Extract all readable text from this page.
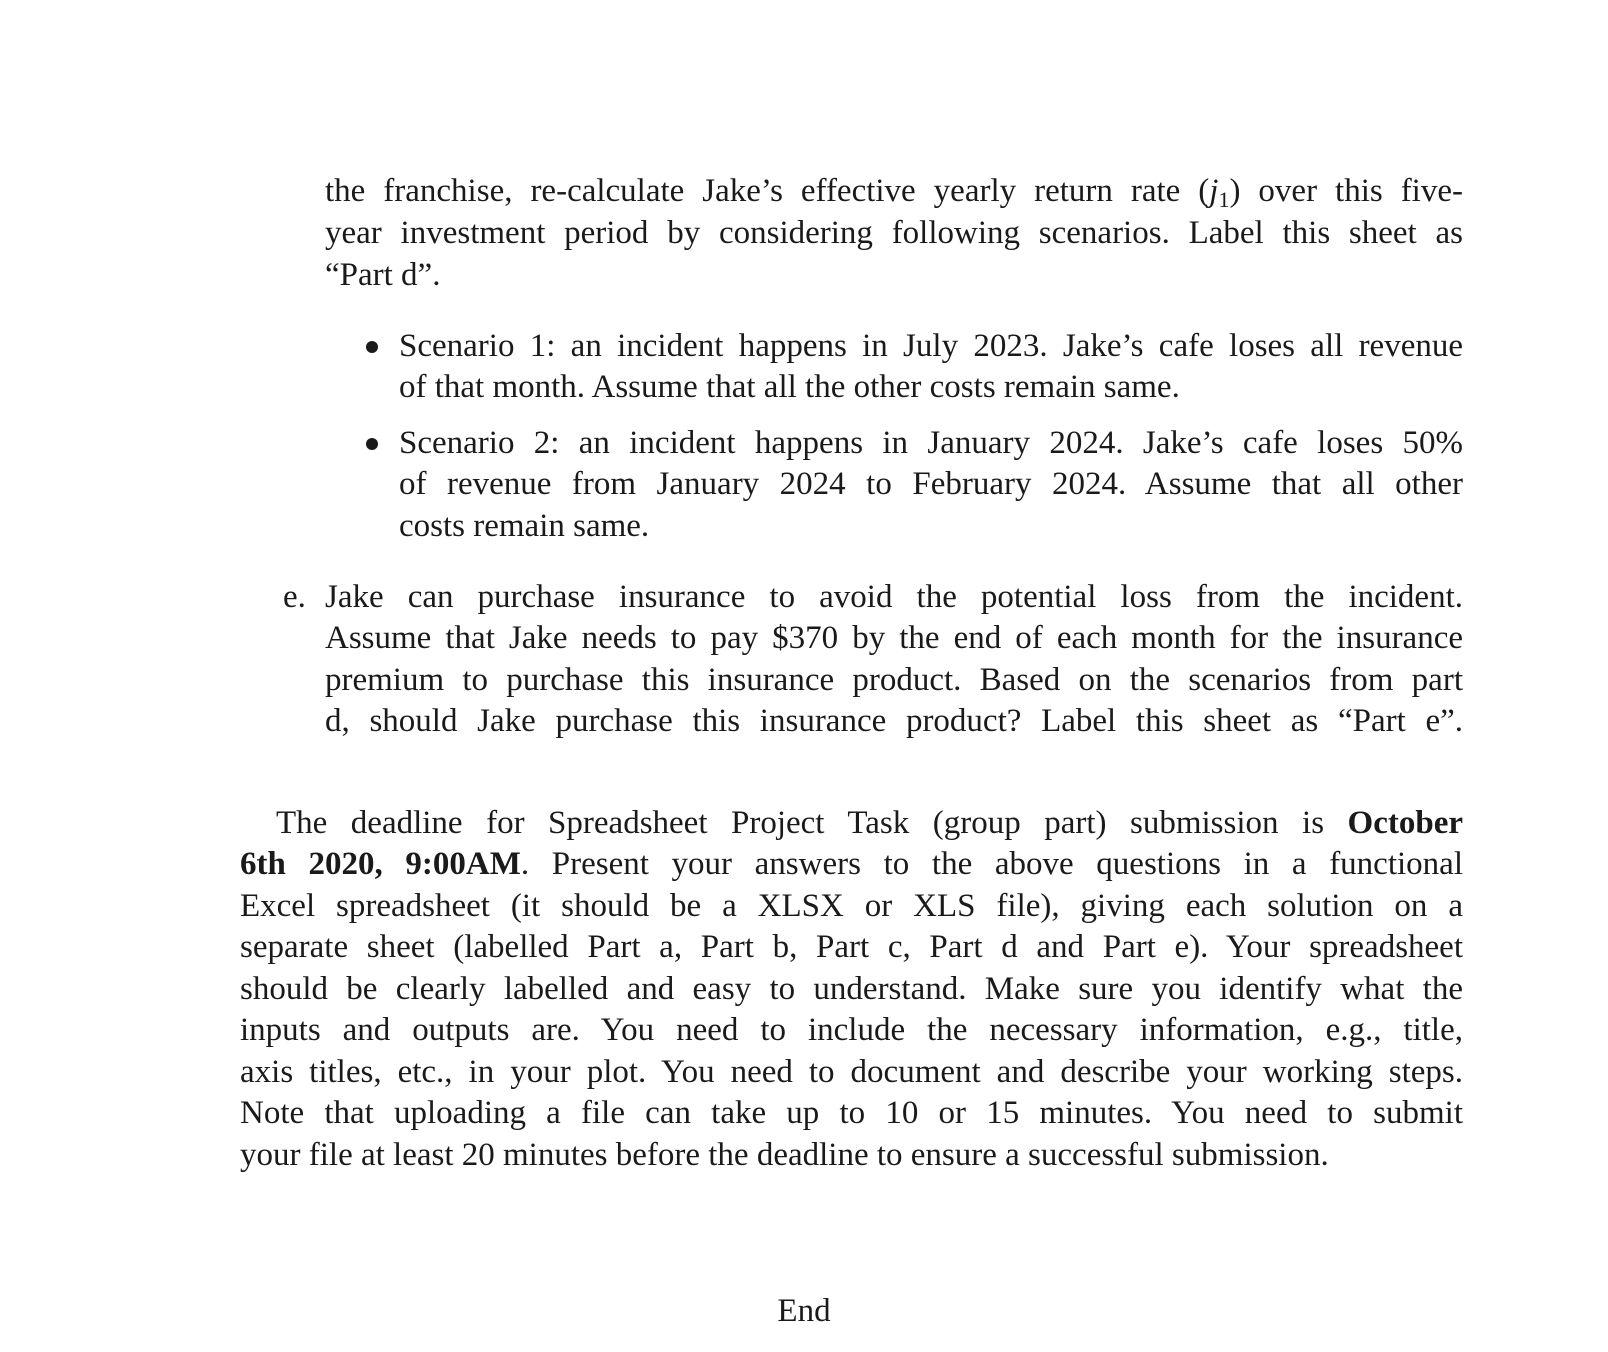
the franchise, re-calculate Jake’s effective yearly return rate (j1) over this five-
year investment period by considering following scenarios. Label this sheet as
“Part d”.
Scenario 1: an incident happens in July 2023. Jake’s cafe loses all revenue
of that month. Assume that all the other costs remain same.
Scenario 2: an incident happens in January 2024. Jake’s cafe loses 50%
of revenue from January 2024 to February 2024. Assume that all other
costs remain same.
e. Jake can purchase insurance to avoid the potential loss from the incident.
Assume that Jake needs to pay $370 by the end of each month for the insurance
premium to purchase this insurance product. Based on the scenarios from part
d, should Jake purchase this insurance product? Label this sheet as “Part e”.
The deadline for Spreadsheet Project Task (group part) submission is October
6th 2020, 9:00AM. Present your answers to the above questions in a functional
Excel spreadsheet (it should be a XLSX or XLS file), giving each solution on a
separate sheet (labelled Part a, Part b, Part c, Part d and Part e). Your spreadsheet
should be clearly labelled and easy to understand. Make sure you identify what the
inputs and outputs are. You need to include the necessary information, e.g., title,
axis titles, etc., in your plot. You need to document and describe your working steps.
Note that uploading a file can take up to 10 or 15 minutes. You need to submit
your file at least 20 minutes before the deadline to ensure a successful submission.
End
